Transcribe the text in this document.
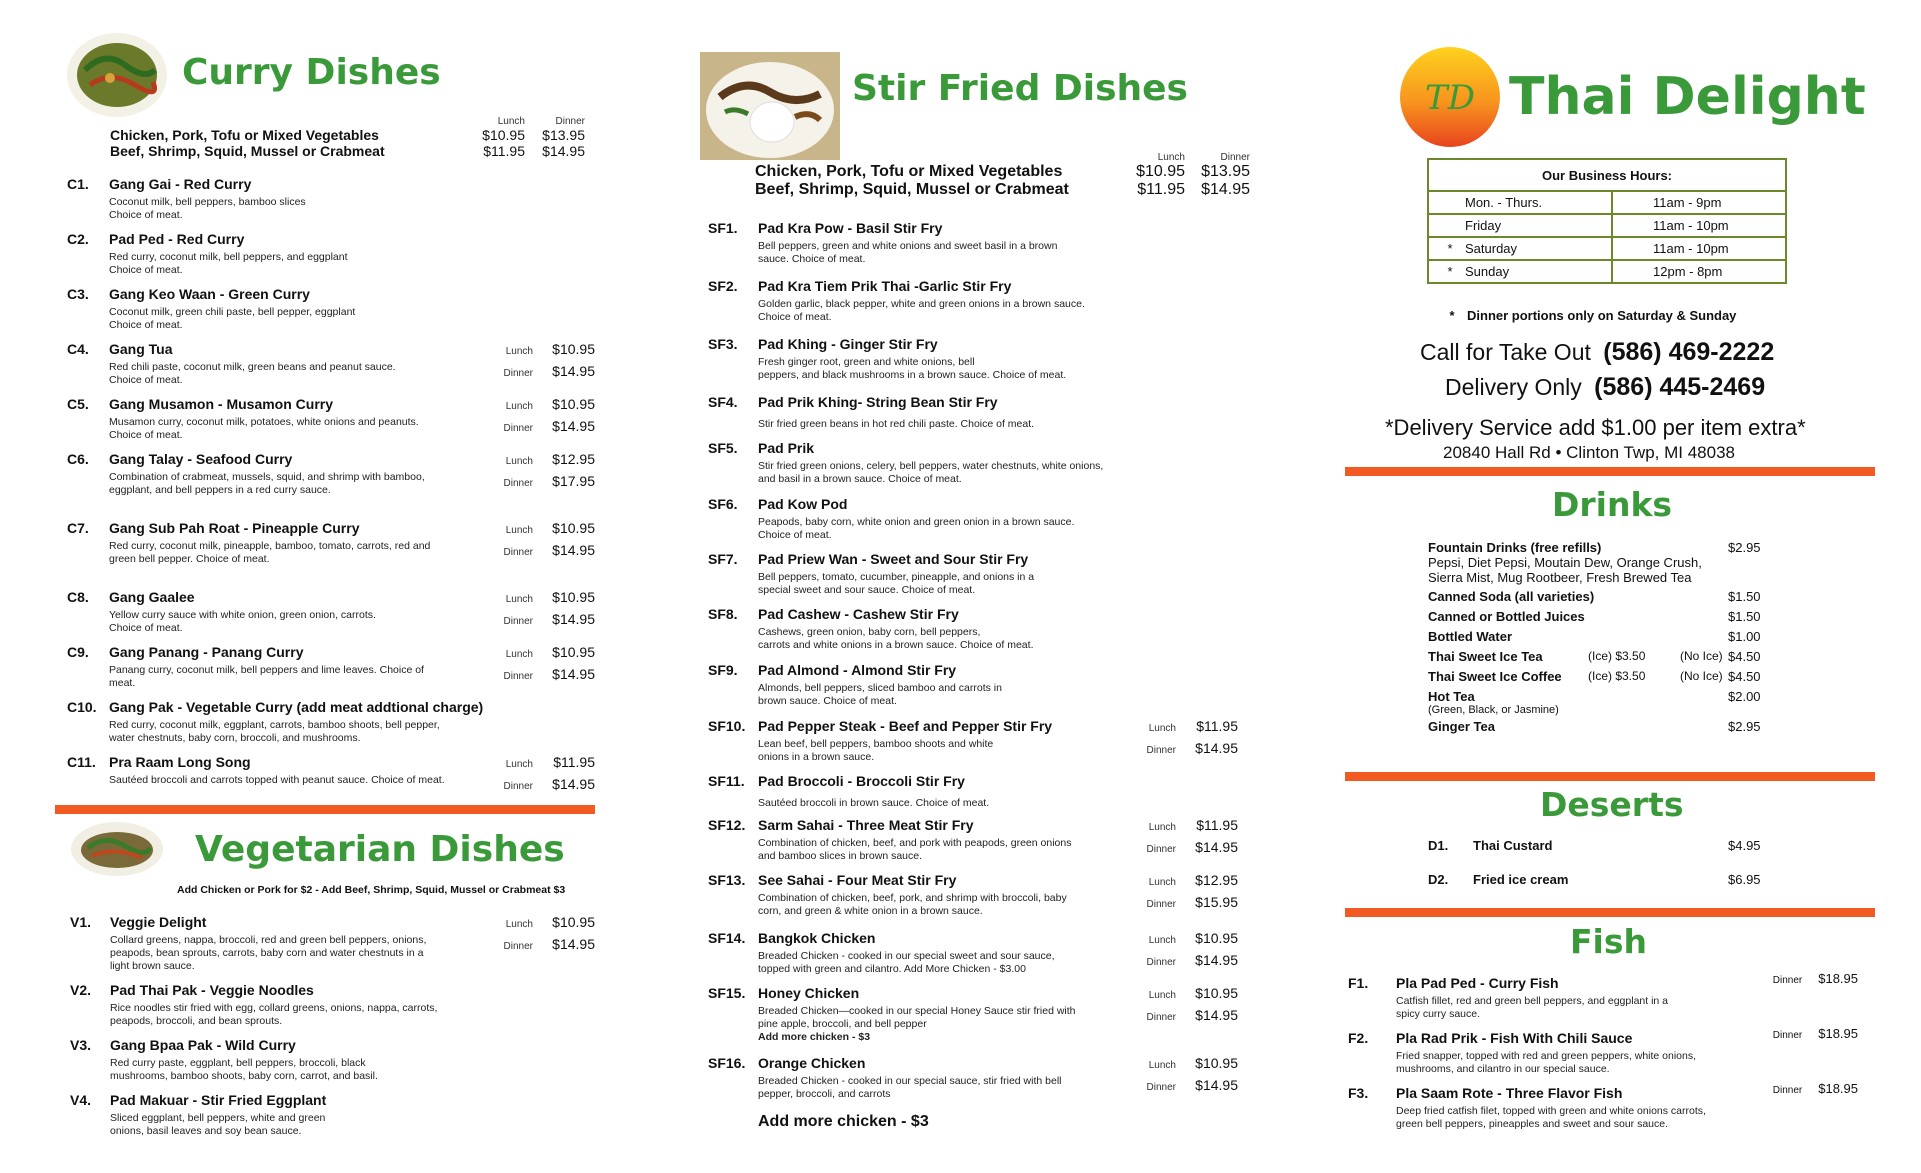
Curry Dishes
Lunch	Dinner
Chicken, Pork, Tofu or Mixed Vegetables	$10.95	$13.95
Beef, Shrimp, Squid, Mussel or Crabmeat	$11.95	$14.95
C1. Gang Gai - Red Curry
Coconut milk, bell peppers, bamboo slices
Choice of meat.
C2. Pad Ped - Red Curry
Red curry, coconut milk, bell peppers, and eggplant
Choice of meat.
C3. Gang Keo Waan - Green Curry
Coconut milk, green chili paste, bell pepper, eggplant
Choice of meat.
C4. Gang Tua
Red chili paste, coconut milk, green beans and peanut sauce.
Choice of meat.
Lunch	$10.95
Dinner	$14.95
C5. Gang Musamon - Musamon Curry
Musamon curry, coconut milk, potatoes, white onions and peanuts.
Choice of meat.
Lunch	$10.95
Dinner	$14.95
C6. Gang Talay - Seafood Curry
Combination of crabmeat, mussels, squid, and shrimp with bamboo,
eggplant, and bell peppers in a red curry sauce.
Lunch	$12.95
Dinner	$17.95
C7. Gang Sub Pah Roat - Pineapple Curry
Red curry, coconut milk, pineapple, bamboo, tomato, carrots, red and
green bell pepper. Choice of meat.
Lunch	$10.95
Dinner	$14.95
C8. Gang Gaalee
Yellow curry sauce with white onion, green onion, carrots.
Choice of meat.
Lunch	$10.95
Dinner	$14.95
C9. Gang Panang - Panang Curry
Panang curry, coconut milk, bell peppers and lime leaves. Choice of
meat.
Lunch	$10.95
Dinner	$14.95
C10. Gang Pak - Vegetable Curry (add meat addtional charge)
Red curry, coconut milk, eggplant, carrots, bamboo shoots, bell pepper,
water chestnuts, baby corn, broccoli, and mushrooms.
C11. Pra Raam Long Song
Sautéed broccoli and carrots topped with peanut sauce. Choice of meat.
Lunch	$11.95
Dinner	$14.95
Vegetarian Dishes
Add Chicken or Pork for $2 - Add Beef, Shrimp, Squid, Mussel or Crabmeat $3
V1. Veggie Delight
Collard greens, nappa, broccoli, red and green bell peppers, onions,
peapods, bean sprouts, carrots, baby corn and water chestnuts in a
light brown sauce.
Lunch	$10.95
Dinner	$14.95
V2. Pad Thai Pak - Veggie Noodles
Rice noodles stir fried with egg, collard greens, onions, nappa, carrots,
peapods, broccoli, and bean sprouts.
V3. Gang Bpaa Pak - Wild Curry
Red curry paste, eggplant, bell peppers, broccoli, black
mushrooms, bamboo shoots, baby corn, carrot, and basil.
V4. Pad Makuar - Stir Fried Eggplant
Sliced eggplant, bell peppers, white and green
onions, basil leaves and soy bean sauce.
Stir Fried Dishes
Lunch	Dinner
Chicken, Pork, Tofu or Mixed Vegetables	$10.95	$13.95
Beef, Shrimp, Squid, Mussel or Crabmeat	$11.95	$14.95
SF1. Pad Kra Pow - Basil Stir Fry
Bell peppers, green and white onions and sweet basil in a brown
sauce. Choice of meat.
SF2. Pad Kra Tiem Prik Thai -Garlic Stir Fry
Golden garlic, black pepper, white and green onions in a brown sauce.
Choice of meat.
SF3. Pad Khing - Ginger Stir Fry
Fresh ginger root, green and white onions, bell
peppers, and black mushrooms in a brown sauce. Choice of meat.
SF4. Pad Prik Khing- String Bean Stir Fry
Stir fried green beans in hot red chili paste. Choice of meat.
SF5. Pad Prik
Stir fried green onions, celery, bell peppers, water chestnuts, white onions,
and basil in a brown sauce. Choice of meat.
SF6. Pad Kow Pod
Peapods, baby corn, white onion and green onion in a brown sauce.
Choice of meat.
SF7. Pad Priew Wan - Sweet and Sour Stir Fry
Bell peppers, tomato, cucumber, pineapple, and onions in a
special sweet and sour sauce. Choice of meat.
SF8. Pad Cashew - Cashew Stir Fry
Cashews, green onion, baby corn, bell peppers,
carrots and white onions in a brown sauce. Choice of meat.
SF9. Pad Almond - Almond Stir Fry
Almonds, bell peppers, sliced bamboo and carrots in
brown sauce. Choice of meat.
SF10. Pad Pepper Steak - Beef and Pepper Stir Fry
Lean beef, bell peppers, bamboo shoots and white
onions in a brown sauce.
Lunch	$11.95
Dinner	$14.95
SF11. Pad Broccoli - Broccoli Stir Fry
Sautéed broccoli in brown sauce. Choice of meat.
SF12. Sarm Sahai - Three Meat Stir Fry
Combination of chicken, beef, and pork with peapods, green onions
and bamboo slices in brown sauce.
Lunch	$11.95
Dinner	$14.95
SF13. See Sahai - Four Meat Stir Fry
Combination of chicken, beef, pork, and shrimp with broccoli, baby
corn, and green & white onion in a brown sauce.
Lunch	$12.95
Dinner	$15.95
SF14. Bangkok Chicken
Breaded Chicken - cooked in our special sweet and sour sauce,
topped with green and cilantro. Add More Chicken - $3.00
Lunch	$10.95
Dinner	$14.95
SF15. Honey Chicken
Breaded Chicken—cooked in our special Honey Sauce stir fried with
pine apple, broccoli, and bell pepper
Add more chicken - $3
Lunch	$10.95
Dinner	$14.95
SF16. Orange Chicken
Breaded Chicken - cooked in our special sauce, stir fried with bell
pepper, broccoli, and carrots
Lunch	$10.95
Dinner	$14.95
Add more chicken - $3
TD Thai Delight
Our Business Hours:	
Mon. - Thurs.	11am - 9pm
Friday	11am - 10pm
* Saturday	11am - 10pm
* Sunday	12pm - 8pm
* Dinner portions only on Saturday & Sunday
Call for Take Out (586) 469-2222
Delivery Only (586) 445-2469
*Delivery Service add $1.00 per item extra*
20840 Hall Rd • Clinton Twp, MI 48038
Drinks
Fountain Drinks (free refills)	$2.95
Pepsi, Diet Pepsi, Moutain Dew, Orange Crush,
Sierra Mist, Mug Rootbeer, Fresh Brewed Tea
Canned Soda (all varieties)	$1.50
Canned or Bottled Juices	$1.50
Bottled Water	$1.00
Thai Sweet Ice Tea	(Ice) $3.50	(No Ice) $4.50
Thai Sweet Ice Coffee	(Ice) $3.50	(No Ice) $4.50
Hot Tea	$2.00
(Green, Black, or Jasmine)
Ginger Tea	$2.95
Deserts
D1.	Thai Custard	$4.95
D2.	Fried ice cream	$6.95
Fish
F1. Pla Pad Ped - Curry Fish
Catfish fillet, red and green bell peppers, and eggplant in a
spicy curry sauce.
Dinner $18.95
F2. Pla Rad Prik - Fish With Chili Sauce
Fried snapper, topped with red and green peppers, white onions,
mushrooms, and cilantro in our special sauce.
Dinner $18.95
F3. Pla Saam Rote - Three Flavor Fish
Deep fried catfish filet, topped with green and white onions carrots,
green bell peppers, pineapples and sweet and sour sauce.
Dinner $18.95
